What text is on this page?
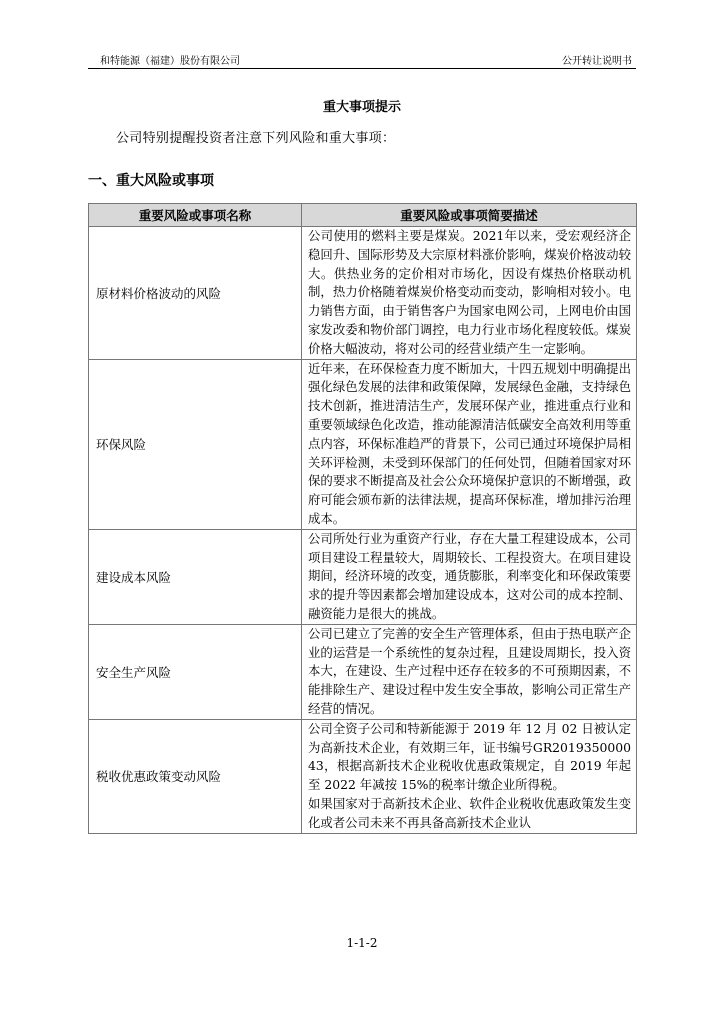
和特能源（福建）股份有限公司	公开转让说明书
重大事项提示
公司特别提醒投资者注意下列风险和重大事项：
一、重大风险或事项
重要风险或事项名称	重要风险或事项简要描述
原材料价格波动的风险	公司使用的燃料主要是煤炭。2021年以来，受宏观经济企稳回升、国际形势及大宗原材料涨价影响，煤炭价格波动较大。供热业务的定价相对市场化，因设有煤热价格联动机制，热力价格随着煤炭价格变动而变动，影响相对较小。电力销售方面，由于销售客户为国家电网公司，上网电价由国家发改委和物价部门调控，电力行业市场化程度较低。煤炭价格大幅波动，将对公司的经营业绩产生一定影响。

环保风险	近年来，在环保检查力度不断加大，十四五规划中明确提出强化绿色发展的法律和政策保障，发展绿色金融，支持绿色技术创新，推进清洁生产，发展环保产业，推进重点行业和重要领域绿色化改造，推动能源清洁低碳安全高效利用等重点内容，环保标准趋严的背景下，公司已通过环境保护局相关环评检测，未受到环保部门的任何处罚，但随着国家对环保的要求不断提高及社会公众环境保护意识的不断增强，政府可能会颁布新的法律法规，提高环保标准，增加排污治理成本。

建设成本风险	公司所处行业为重资产行业，存在大量工程建设成本，公司项目建设工程量较大，周期较长、工程投资大。在项目建设期间，经济环境的改变，通货膨胀，利率变化和环保政策要求的提升等因素都会增加建设成本，这对公司的成本控制、融资能力是很大的挑战。

安全生产风险	公司已建立了完善的安全生产管理体系，但由于热电联产企业的运营是一个系统性的复杂过程，且建设周期长，投入资本大，在建设、生产过程中还存在较多的不可预期因素，不能排除生产、建设过程中发生安全事故，影响公司正常生产经营的情况。

税收优惠政策变动风险	公司全资子公司和特新能源于 2019 年 12 月 02 日被认定为高新技术企业，有效期三年，证书编号GR201935000043，根据高新技术企业税收优惠政策规定，自 2019 年起至 2022 年减按 15%的税率计缴企业所得税。

如果国家对于高新技术企业、软件企业税收优惠政策发生变化或者公司未来不再具备高新技术企业认

1-1-2
